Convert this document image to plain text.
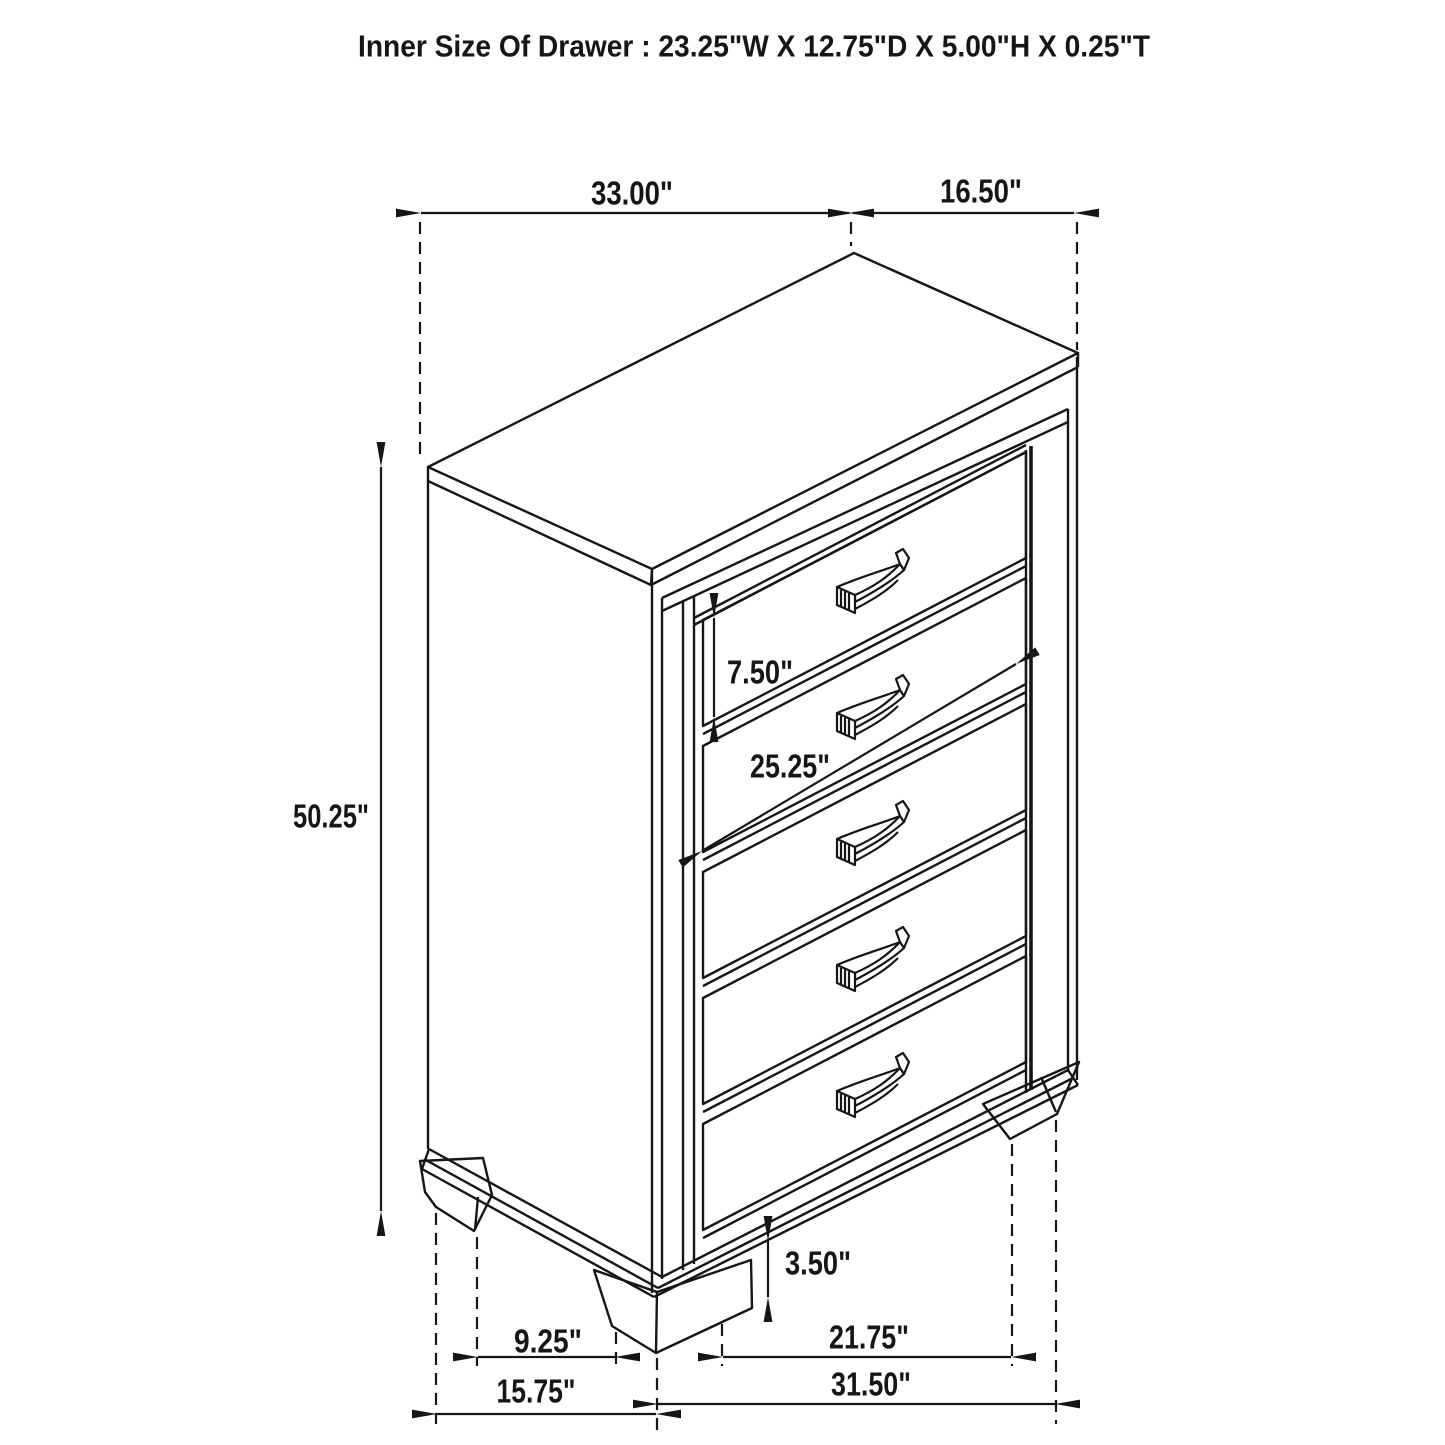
Inner Size Of Drawer : 23.25"W X 12.75"D X 5.00"H X 0.25"T
33.00"	16.50"
50.25"
7.50"
25.25"
3.50"
9.25"	21.75"
15.75"	31.50"
